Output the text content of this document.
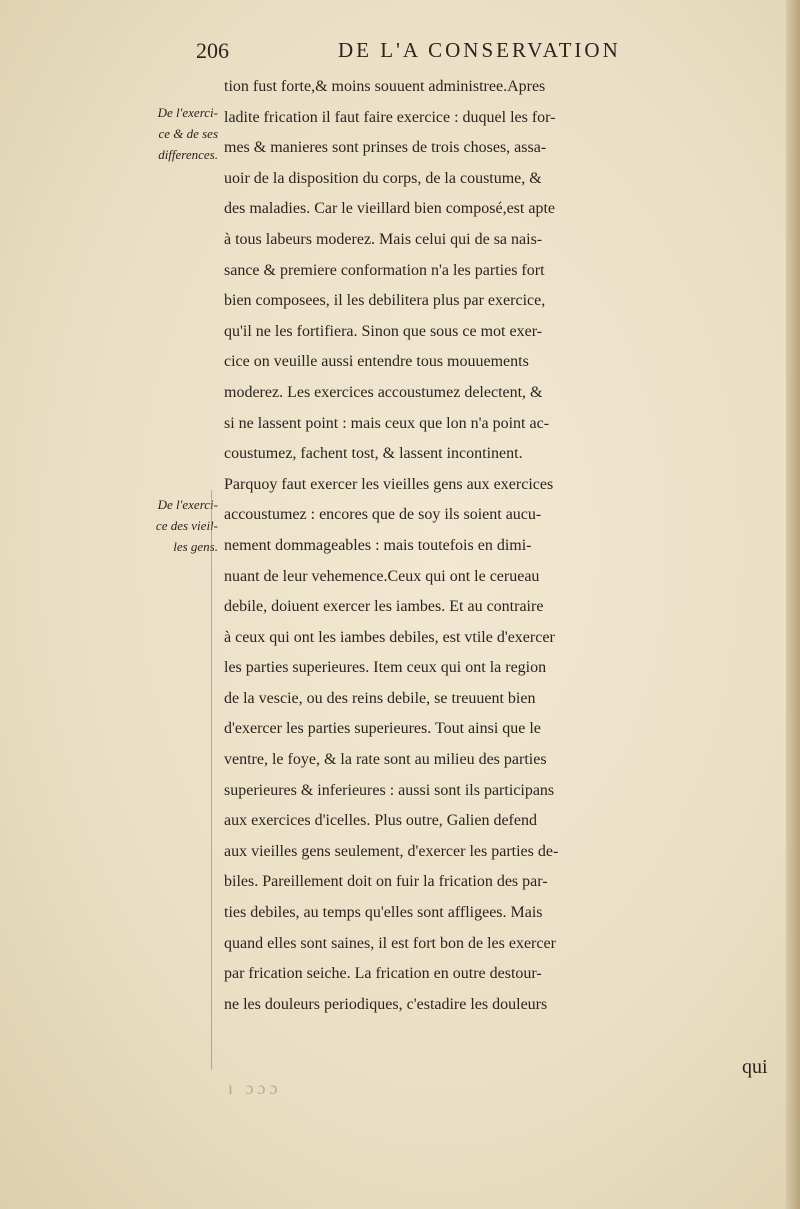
206	DE L'A CONSERVATION
De l'exerci-
ce & de ses
differences.
De l'exerci-
ce des vieil-
les gens.
tion fust forte,& moins souuent administree.Apres
ladite frication il faut faire exercice : duquel les for-
mes & manieres sont prinses de trois choses, assa-
uoir de la disposition du corps, de la coustume, &
des maladies. Car le vieillard bien composé,est apte
à tous labeurs moderez. Mais celui qui de sa nais-
sance & premiere conformation n'a les parties fort
bien composees, il les debilitera plus par exercice,
qu'il ne les fortifiera. Sinon que sous ce mot exer-
cice on veuille aussi entendre tous mouuements
moderez. Les exercices accoustumez delectent, &
si ne lassent point : mais ceux que lon n'a point ac-
coustumez, fachent tost, & lassent incontinent.
Parquoy faut exercer les vieilles gens aux exercices
accoustumez : encores que de soy ils soient aucu-
nement dommageables : mais toutefois en dimi-
nuant de leur vehemence.Ceux qui ont le cerueau
debile, doiuent exercer les iambes. Et au contraire
à ceux qui ont les iambes debiles, est vtile d'exercer
les parties superieures. Item ceux qui ont la region
de la vescie, ou des reins debile, se treuuent bien
d'exercer les parties superieures. Tout ainsi que le
ventre, le foye, & la rate sont au milieu des parties
superieures & inferieures : aussi sont ils participans
aux exercices d'icelles. Plus outre, Galien defend
aux vieilles gens seulement, d'exercer les parties de-
biles. Pareillement doit on fuir la frication des par-
ties debiles, au temps qu'elles sont affligees. Mais
quand elles sont saines, il est fort bon de les exercer
par frication seiche. La frication en outre destour-
ne les douleurs periodiques, c'estadire les douleurs
qui
ı ɔɔɔ
